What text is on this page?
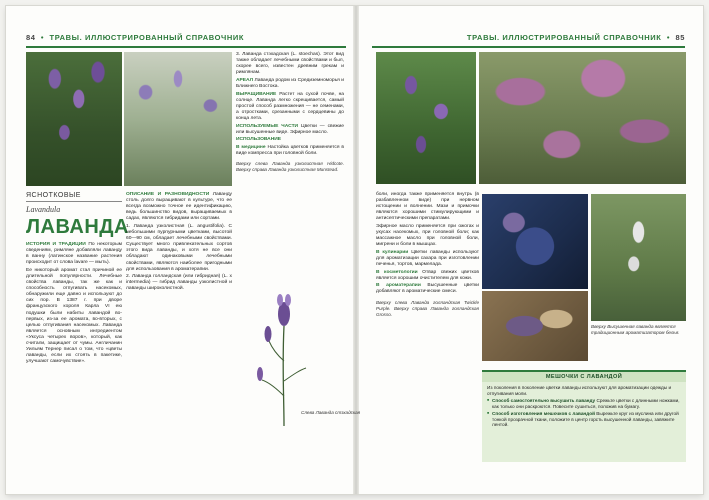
84  •  ТРАВЫ. ИЛЛЮСТРИРОВАННЫЙ СПРАВОЧНИК	ТРАВЫ. ИЛЛЮСТРИРОВАННЫЙ СПРАВОЧНИК  •  85
ЯСНОТКОВЫЕ
Lavandula
ЛАВАНДА

ИСТОРИЯ И ТРАДИЦИИ По некоторым сведениям, римляне добавляли лаванду в ванну (латинское название растения происходит от слова lavare — мыть).

Ее никоторый аромат стал причиной ее длительной популярности. Лечебные свойства лаванды, так же как и способность отпугивать насекомых, обнаружили еще давно и используют до сих пор. В 1387 г. при дворе французского короля Карла VI ею подушки были набиты лавандой во-первых, из-за ее аромата, во-вторых, с целью отпугивания насекомых. Лаванда является основным ингредиентом «Уксуса четырех воров», который, как считали, защищает от чумы. Англичанин Уильям Тернер писал о том, что «цветы лаванды, если их стоять в пакетике, улучшают самочувствие».

ОПИСАНИЕ И РАЗНОВИДНОСТИ Лаванду столь долго выращивают в культуре, что ее всегда возможно точное ее идентификацию, ведь большинство видов, выращиваемых в садах, являются гибридами или сортами.

1. Лаванда узколистная (L. angustifolia). С небольшими пурпурными цветками, высотой 60—90 см, обладает лечебными свойствами. Существует много привлекательных сортов этого вида лаванды, и хотя не все они обладают одинаковыми лечебными свойствами, являются наиболее пригодными для использования в ароматерапии.

2. Лаванда голландская (или гибридная) (L. x intermedia) — гибрид лаванды узколистной и лаванды широколистной.

3. Лаванда стэхадская (L. stoechas). Этот вид также обладает лечебными свойствами и был, скорее всего, известен древним грекам и римлянам.

АРЕАЛ Лаванда родом из Средиземноморья и Ближнего Востока.

ВЫРАЩИВАНИЕ Растет на сухой почве, на солнце. Лаванда легко скрещивается, самый простой способ размножения — не семенами, а отростками, срезанными с сердцевины до конца лета.

ИСПОЛЬЗУЕМЫЕ ЧАСТИ Цветки — свежие или высушенные виде. Эфирное масло.

ИСПОЛЬЗОВАНИЕ

В медицине Настойка цветков применяется в виде компресса при головной боли.

Вверху слева Лаванда узколистная Hidcote. Вверху справа Лаванда узколистная Munstead.

Слева Лаванда стэхадская

боли, иногда также применяется внутрь (в разбавленном виде) при нервном истощении и волнении. Мази и примочки являются хорошими стимулирующими и антисептическими препаратами.

Эфирное масло применяется при ожогах и укусах насекомых, при головной боли; как массажное масло при головной боли, мигрени и боли в мышцах.

В кулинарии Цветки лаванды используют для ароматизации сахара при изготовлении печенья, тортов, мармелада.

В косметологии Отвар свежих цветков является хорошим очистителем для кожи.

В ароматерапии Высушенные цветки добавляют в ароматические смеси.

Вверху слева Лаванда голландская Twickle Purple. Вверху справа Лаванда голландская Grosso.

Вверху Высушенная лаванда является традиционным ароматизатором белья.
МЕШОЧКИ С ЛАВАНДОЙ
Из поколения в поколение цветки лаванды используют для ароматизации одежды и отпугивания моли.
■ Способ самостоятельно высушить лаванду Срежьте цветки с длинными ножками, как только они раскроются. Повесите сушиться, положив на бумагу.
■ Способ изготовления мешочков с лавандой Вырежьте круг из муслина или другой тонкой прозрачной ткани, положите в центр горсть высушенной лаванды, завяжите лентой.
